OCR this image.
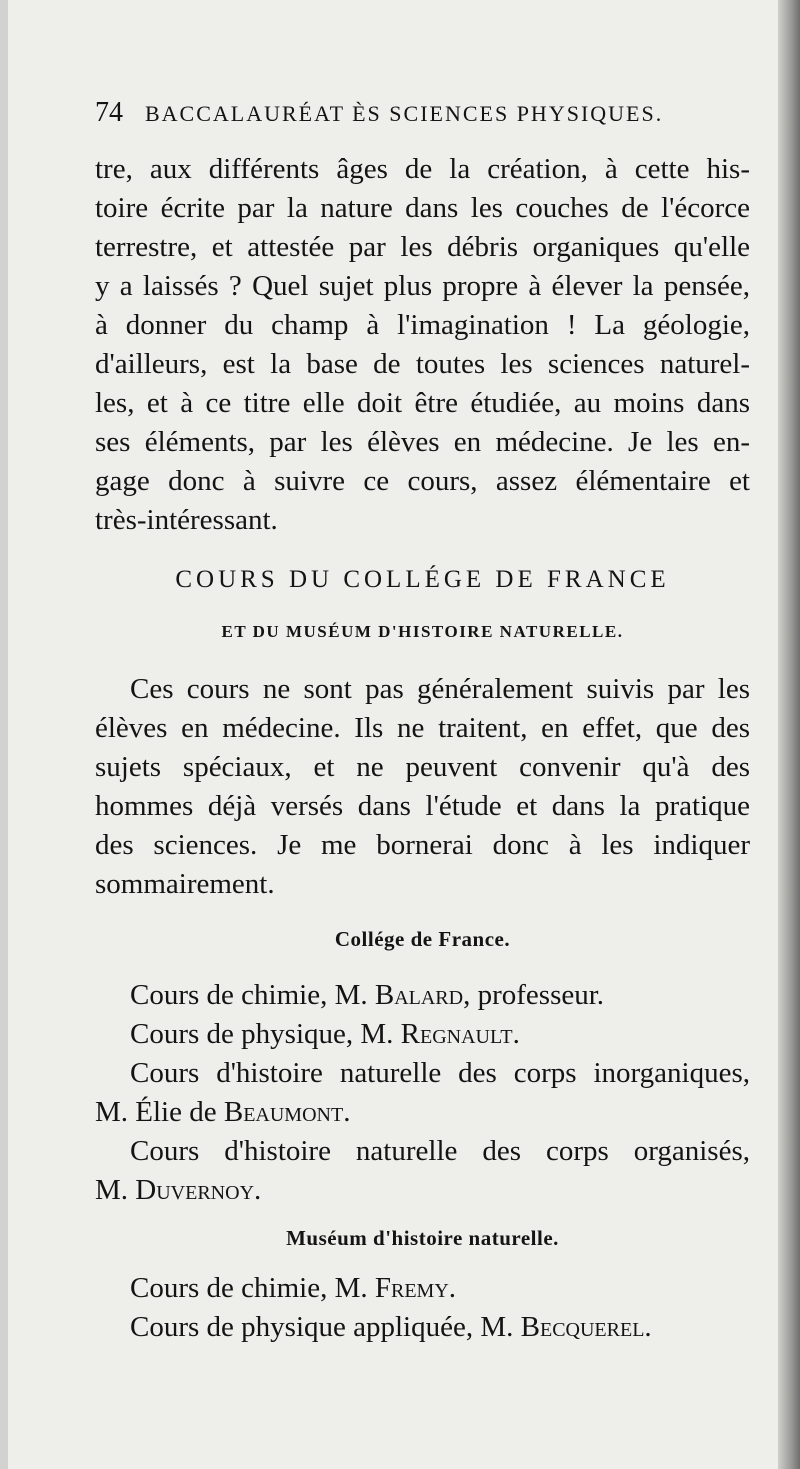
74 BACCALAURÉAT ÈS SCIENCES PHYSIQUES.
tre, aux différents âges de la création, à cette his-
toire écrite par la nature dans les couches de l'écorce
terrestre, et attestée par les débris organiques qu'elle
y a laissés ? Quel sujet plus propre à élever la pensée,
à donner du champ à l'imagination ! La géologie,
d'ailleurs, est la base de toutes les sciences naturel-
les, et à ce titre elle doit être étudiée, au moins dans
ses éléments, par les élèves en médecine. Je les en-
gage donc à suivre ce cours, assez élémentaire et
très-intéressant.
COURS DU COLLÉGE DE FRANCE
ET DU MUSÉUM D'HISTOIRE NATURELLE.
Ces cours ne sont pas généralement suivis par les
élèves en médecine. Ils ne traitent, en effet, que des
sujets spéciaux, et ne peuvent convenir qu'à des
hommes déjà versés dans l'étude et dans la pratique
des sciences. Je me bornerai donc à les indiquer
sommairement.
Collége de France.
Cours de chimie, M. Balard, professeur.
Cours de physique, M. Regnault.
Cours d'histoire naturelle des corps inorganiques,
M. Élie de Beaumont.
Cours d'histoire naturelle des corps organisés,
M. Duvernoy.
Muséum d'histoire naturelle.
Cours de chimie, M. Fremy.
Cours de physique appliquée, M. Becquerel.
